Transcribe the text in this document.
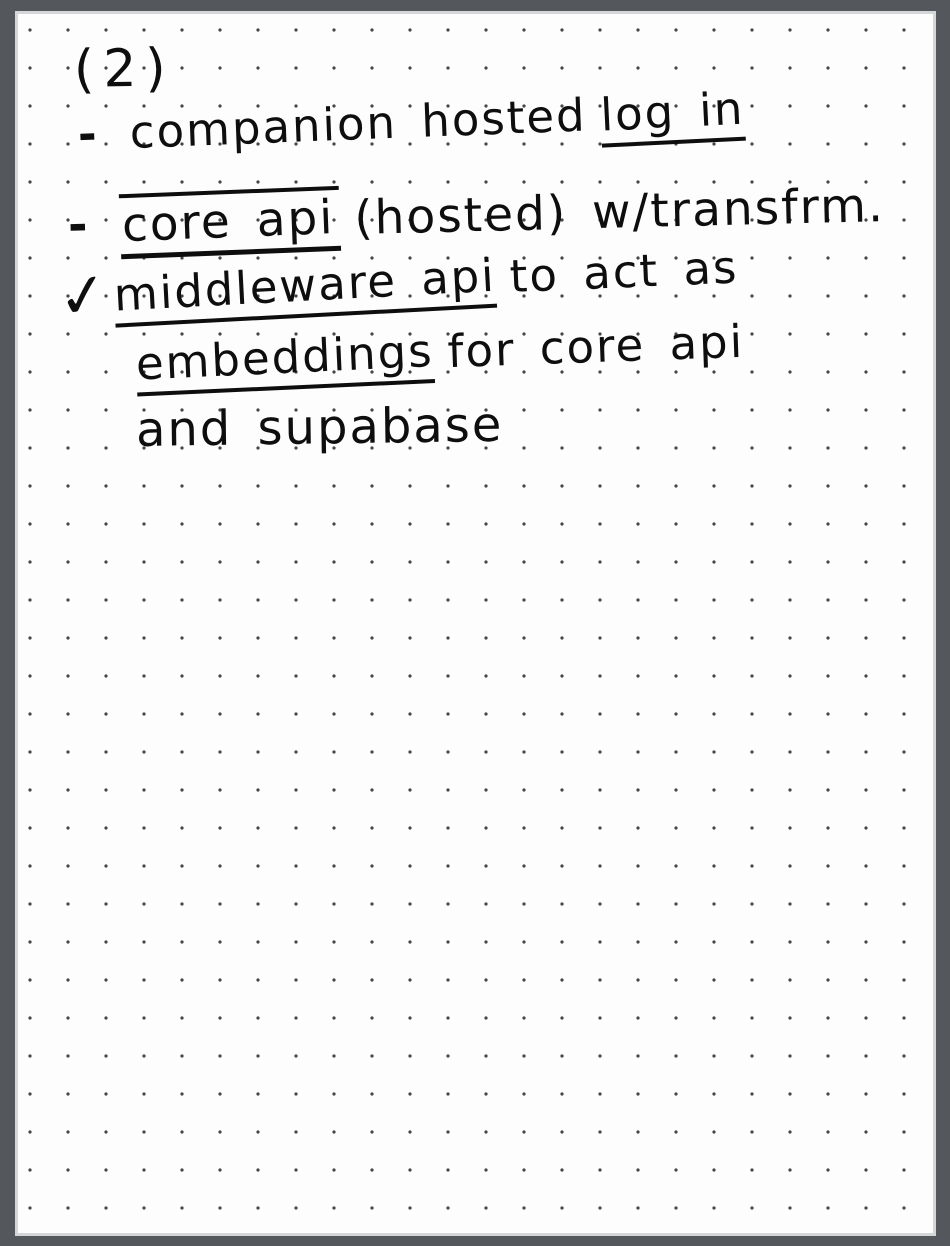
(2)
- companion hosted log in
- core api (hosted) w/transfrm.
✓middleware api to act as
embeddings for core api
and supabase
